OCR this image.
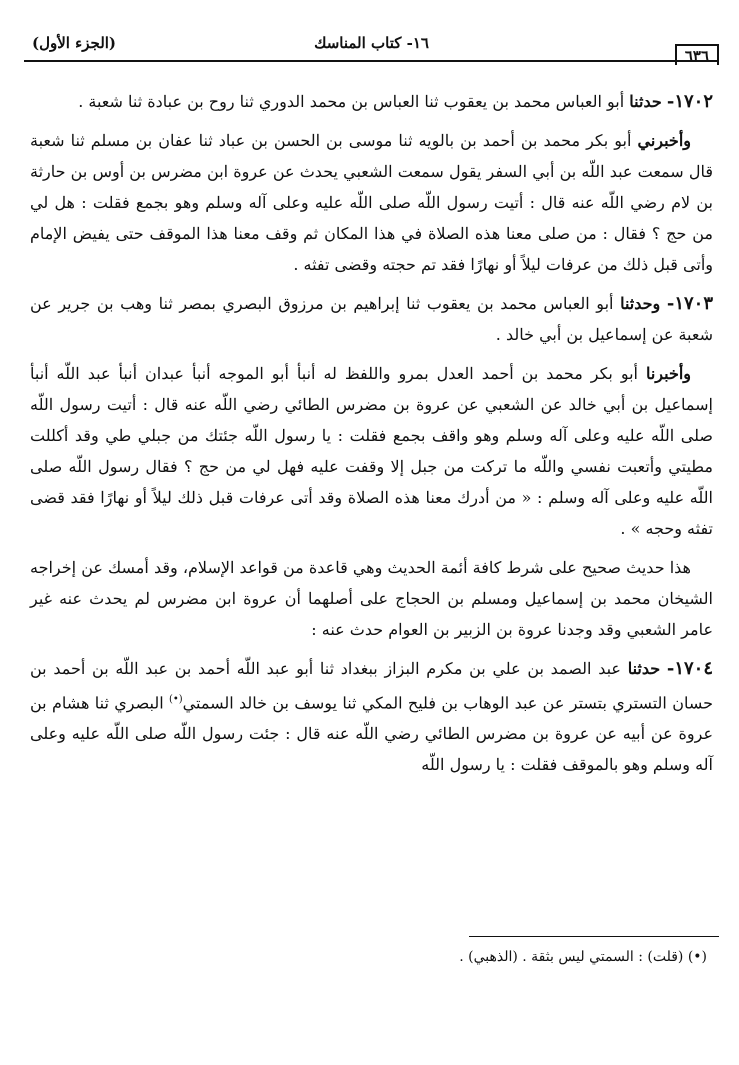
٦٣٦
١٦- كتاب المناسك
(الجزء الأول)

١٧٠٢- حدثنا أبو العباس محمد بن يعقوب ثنا العباس بن محمد الدوري ثنا روح بن عبادة ثنا شعبة .

وأخبرني أبو بكر محمد بن أحمد بن بالويه ثنا موسى بن الحسن بن عباد ثنا عفان بن مسلم ثنا شعبة قال سمعت عبد اللّه بن أبي السفر يقول سمعت الشعبي يحدث عن عروة ابن مضرس بن أوس بن حارثة بن لام رضي اللّه عنه قال : أتيت رسول اللّه صلى اللّه عليه وعلى آله وسلم وهو بجمع فقلت : هل لي من حج ؟ فقال : من صلى معنا هذه الصلاة في هذا المكان ثم وقف معنا هذا الموقف حتى يفيض الإمام وأتى قبل ذلك من عرفات ليلاً أو نهارًا فقد تم حجته وقضى تفثه .

١٧٠٣- وحدثنا أبو العباس محمد بن يعقوب ثنا إبراهيم بن مرزوق البصري بمصر ثنا وهب بن جرير عن شعبة عن إسماعيل بن أبي خالد .

وأخبرنا أبو بكر محمد بن أحمد العدل بمرو واللفظ له أنبأ أبو الموجه أنبأ عبدان أنبأ عبد اللّه أنبأ إسماعيل بن أبي خالد عن الشعبي عن عروة بن مضرس الطائي رضي اللّه عنه قال : أتيت رسول اللّه صلى اللّه عليه وعلى آله وسلم وهو واقف بجمع فقلت : يا رسول اللّه جئتك من جبلي طي وقد أكللت مطيتي وأتعبت نفسي واللّه ما تركت من جبل إلا وقفت عليه فهل لي من حج ؟ فقال رسول اللّه صلى اللّه عليه وعلى آله وسلم : « من أدرك معنا هذه الصلاة وقد أتى عرفات قبل ذلك ليلاً أو نهارًا فقد قضى تفثه وحجه » .

هذا حديث صحيح على شرط كافة أئمة الحديث وهي قاعدة من قواعد الإسلام، وقد أمسك عن إخراجه الشيخان محمد بن إسماعيل ومسلم بن الحجاج على أصلهما أن عروة ابن مضرس لم يحدث عنه غير عامر الشعبي وقد وجدنا عروة بن الزبير بن العوام حدث عنه :

١٧٠٤- حدثنا عبد الصمد بن علي بن مكرم البزاز ببغداد ثنا أبو عبد اللّه أحمد بن عبد اللّه بن أحمد بن حسان التستري بتستر عن عبد الوهاب بن فليح المكي ثنا يوسف بن خالد السمتي(•) البصري ثنا هشام بن عروة عن أبيه عن عروة بن مضرس الطائي رضي اللّه عنه قال : جئت رسول اللّه صلى اللّه عليه وعلى آله وسلم وهو بالموقف فقلت : يا رسول اللّه

(•) (قلت) : السمتي ليس بثقة . (الذهبي) .
